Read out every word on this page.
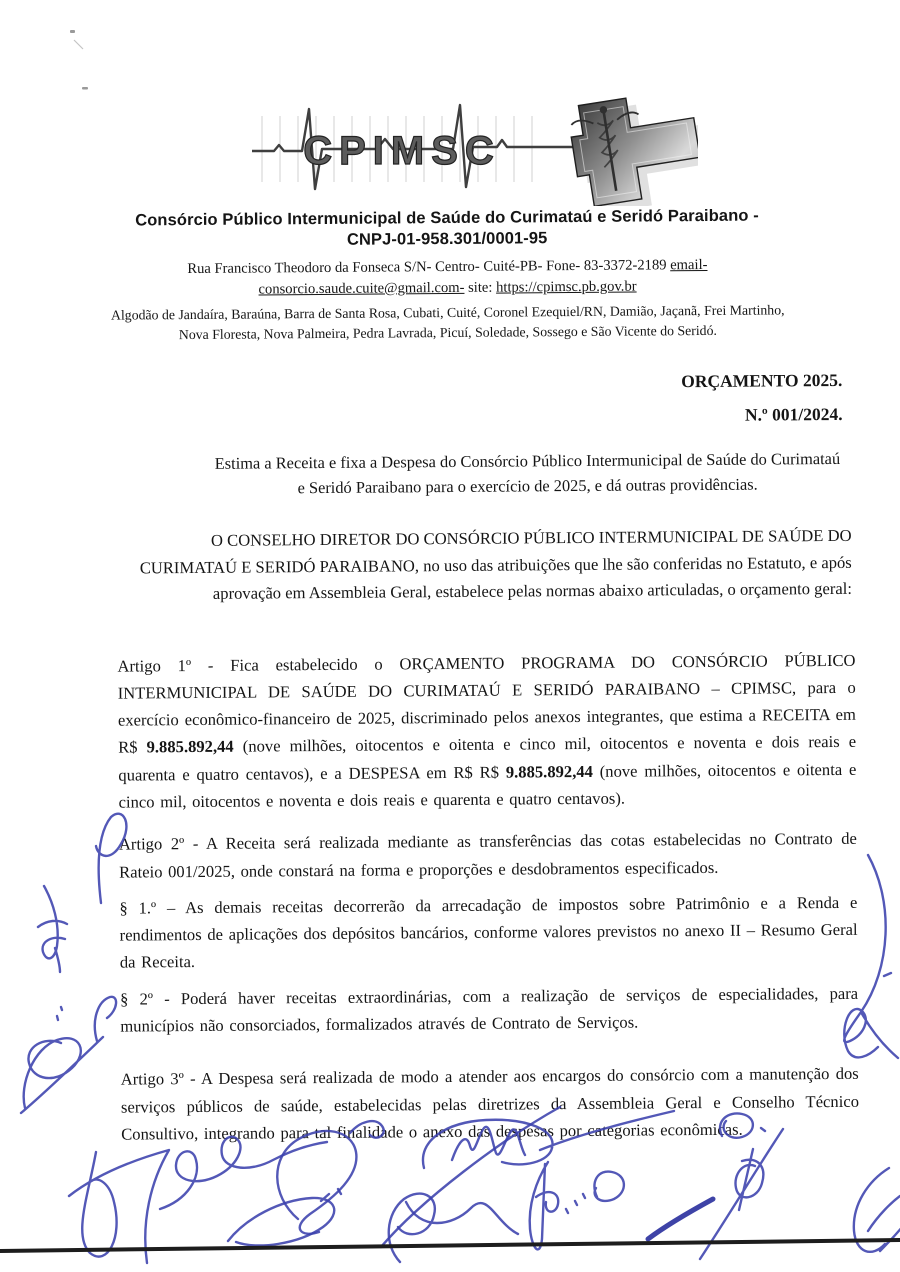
CPIMSC
Consórcio Público Intermunicipal de Saúde do Curimataú e Seridó Paraibano -
CNPJ-01-958.301/0001-95
Rua Francisco Theodoro da Fonseca S/N- Centro- Cuité-PB- Fone- 83-3372-2189 email-
consorcio.saude.cuite@gmail.com- site: https://cpimsc.pb.gov.br
Algodão de Jandaíra, Baraúna, Barra de Santa Rosa, Cubati, Cuité, Coronel Ezequiel/RN, Damião, Jaçanã, Frei Martinho,
Nova Floresta, Nova Palmeira, Pedra Lavrada, Picuí, Soledade, Sossego e São Vicente do Seridó.
ORÇAMENTO 2025.
N.º 001/2024.
Estima a Receita e fixa a Despesa do Consórcio Público Intermunicipal de Saúde do Curimataú e Seridó Paraibano para o exercício de 2025, e dá outras providências.
O CONSELHO DIRETOR DO CONSÓRCIO PÚBLICO INTERMUNICIPAL DE SAÚDE DO CURIMATAÚ E SERIDÓ PARAIBANO, no uso das atribuições que lhe são conferidas no Estatuto, e após aprovação em Assembleia Geral, estabelece pelas normas abaixo articuladas, o orçamento geral:
Artigo 1º - Fica estabelecido o ORÇAMENTO PROGRAMA DO CONSÓRCIO PÚBLICO INTERMUNICIPAL DE SAÚDE DO CURIMATAÚ E SERIDÓ PARAIBANO – CPIMSC, para o exercício econômico-financeiro de 2025, discriminado pelos anexos integrantes, que estima a RECEITA em R$ 9.885.892,44 (nove milhões, oitocentos e oitenta e cinco mil, oitocentos e noventa e dois reais e quarenta e quatro centavos), e a DESPESA em R$ R$ 9.885.892,44 (nove milhões, oitocentos e oitenta e cinco mil, oitocentos e noventa e dois reais e quarenta e quatro centavos).
Artigo 2º - A Receita será realizada mediante as transferências das cotas estabelecidas no Contrato de Rateio 001/2025, onde constará na forma e proporções e desdobramentos especificados.
§ 1.º – As demais receitas decorrerão da arrecadação de impostos sobre Patrimônio e a Renda e rendimentos de aplicações dos depósitos bancários, conforme valores previstos no anexo II – Resumo Geral da Receita.
§ 2º - Poderá haver receitas extraordinárias, com a realização de serviços de especialidades, para municípios não consorciados, formalizados através de Contrato de Serviços.
Artigo 3º - A Despesa será realizada de modo a atender aos encargos do consórcio com a manutenção dos serviços públicos de saúde, estabelecidas pelas diretrizes da Assembleia Geral e Conselho Técnico Consultivo, integrando para tal finalidade o anexo das despesas por categorias econômicas.
